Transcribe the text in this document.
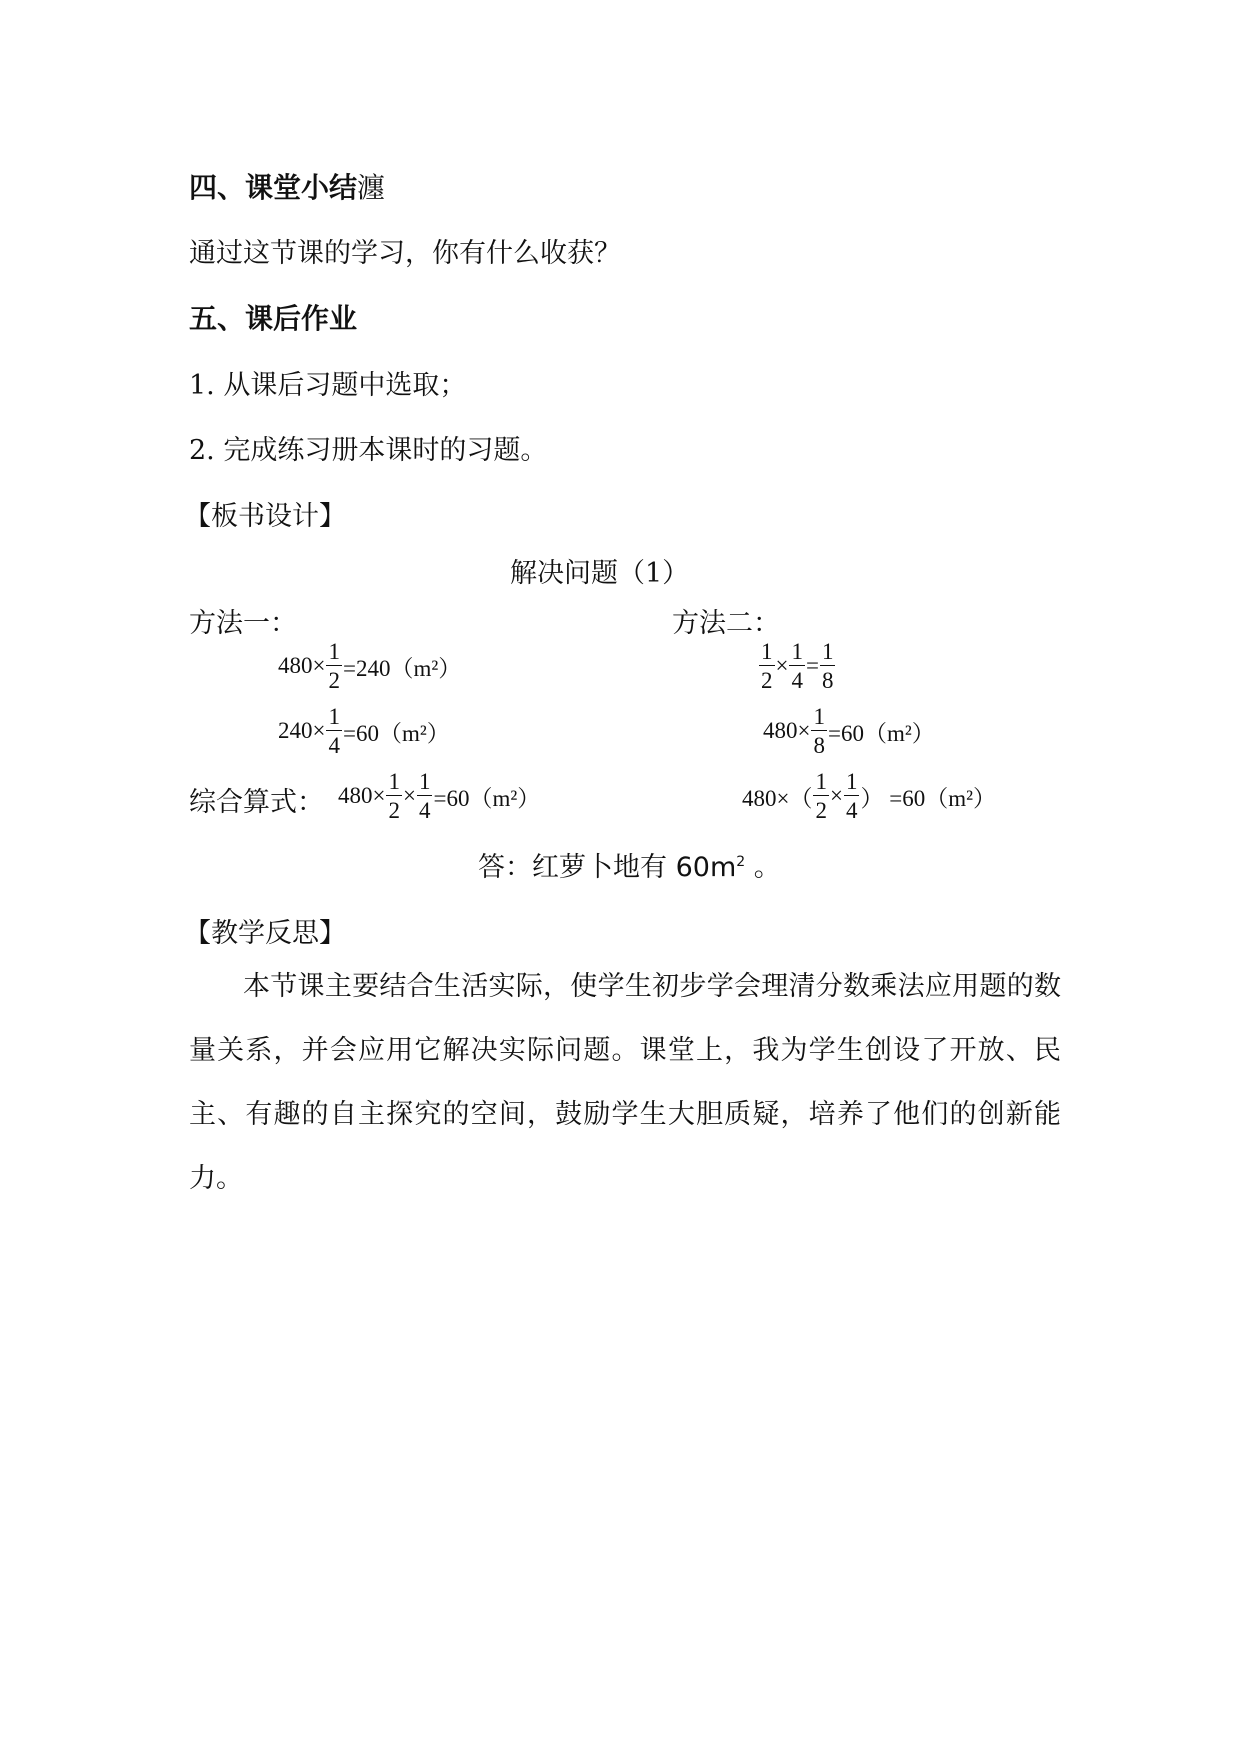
四、课堂小结瀍
通过这节课的学习，你有什么收获？
五、课后作业
1. 从课后习题中选取；
2. 完成练习册本课时的习题。
【板书设计】
解决问题（1）
方法一：	方法二：
$480\times \frac{1}{2} =240(m^2)$
$240\times \frac{1}{4} =60(m^2)$
$\frac{1}{2} \times \frac{1}{4} = \frac{1}{8}$
$480\times \frac{1}{8} =60(m^2)$
综合算式： $480\times \frac{1}{2} \times \frac{1}{4} =60(m^2)$	$480\times( \frac{1}{2} \times \frac{1}{4}$ ） =60（m²）
答：红萝卜地有 $60m^2$ 。
【教学反思】
本节课主要结合生活实际，使学生初步学会理清分数乘法应用题的数量关系，并会应用它解决实际问题。课堂上，我为学生创设了开放、民主、有趣的自主探究的空间，鼓励学生大胆质疑，培养了他们的创新能力。
